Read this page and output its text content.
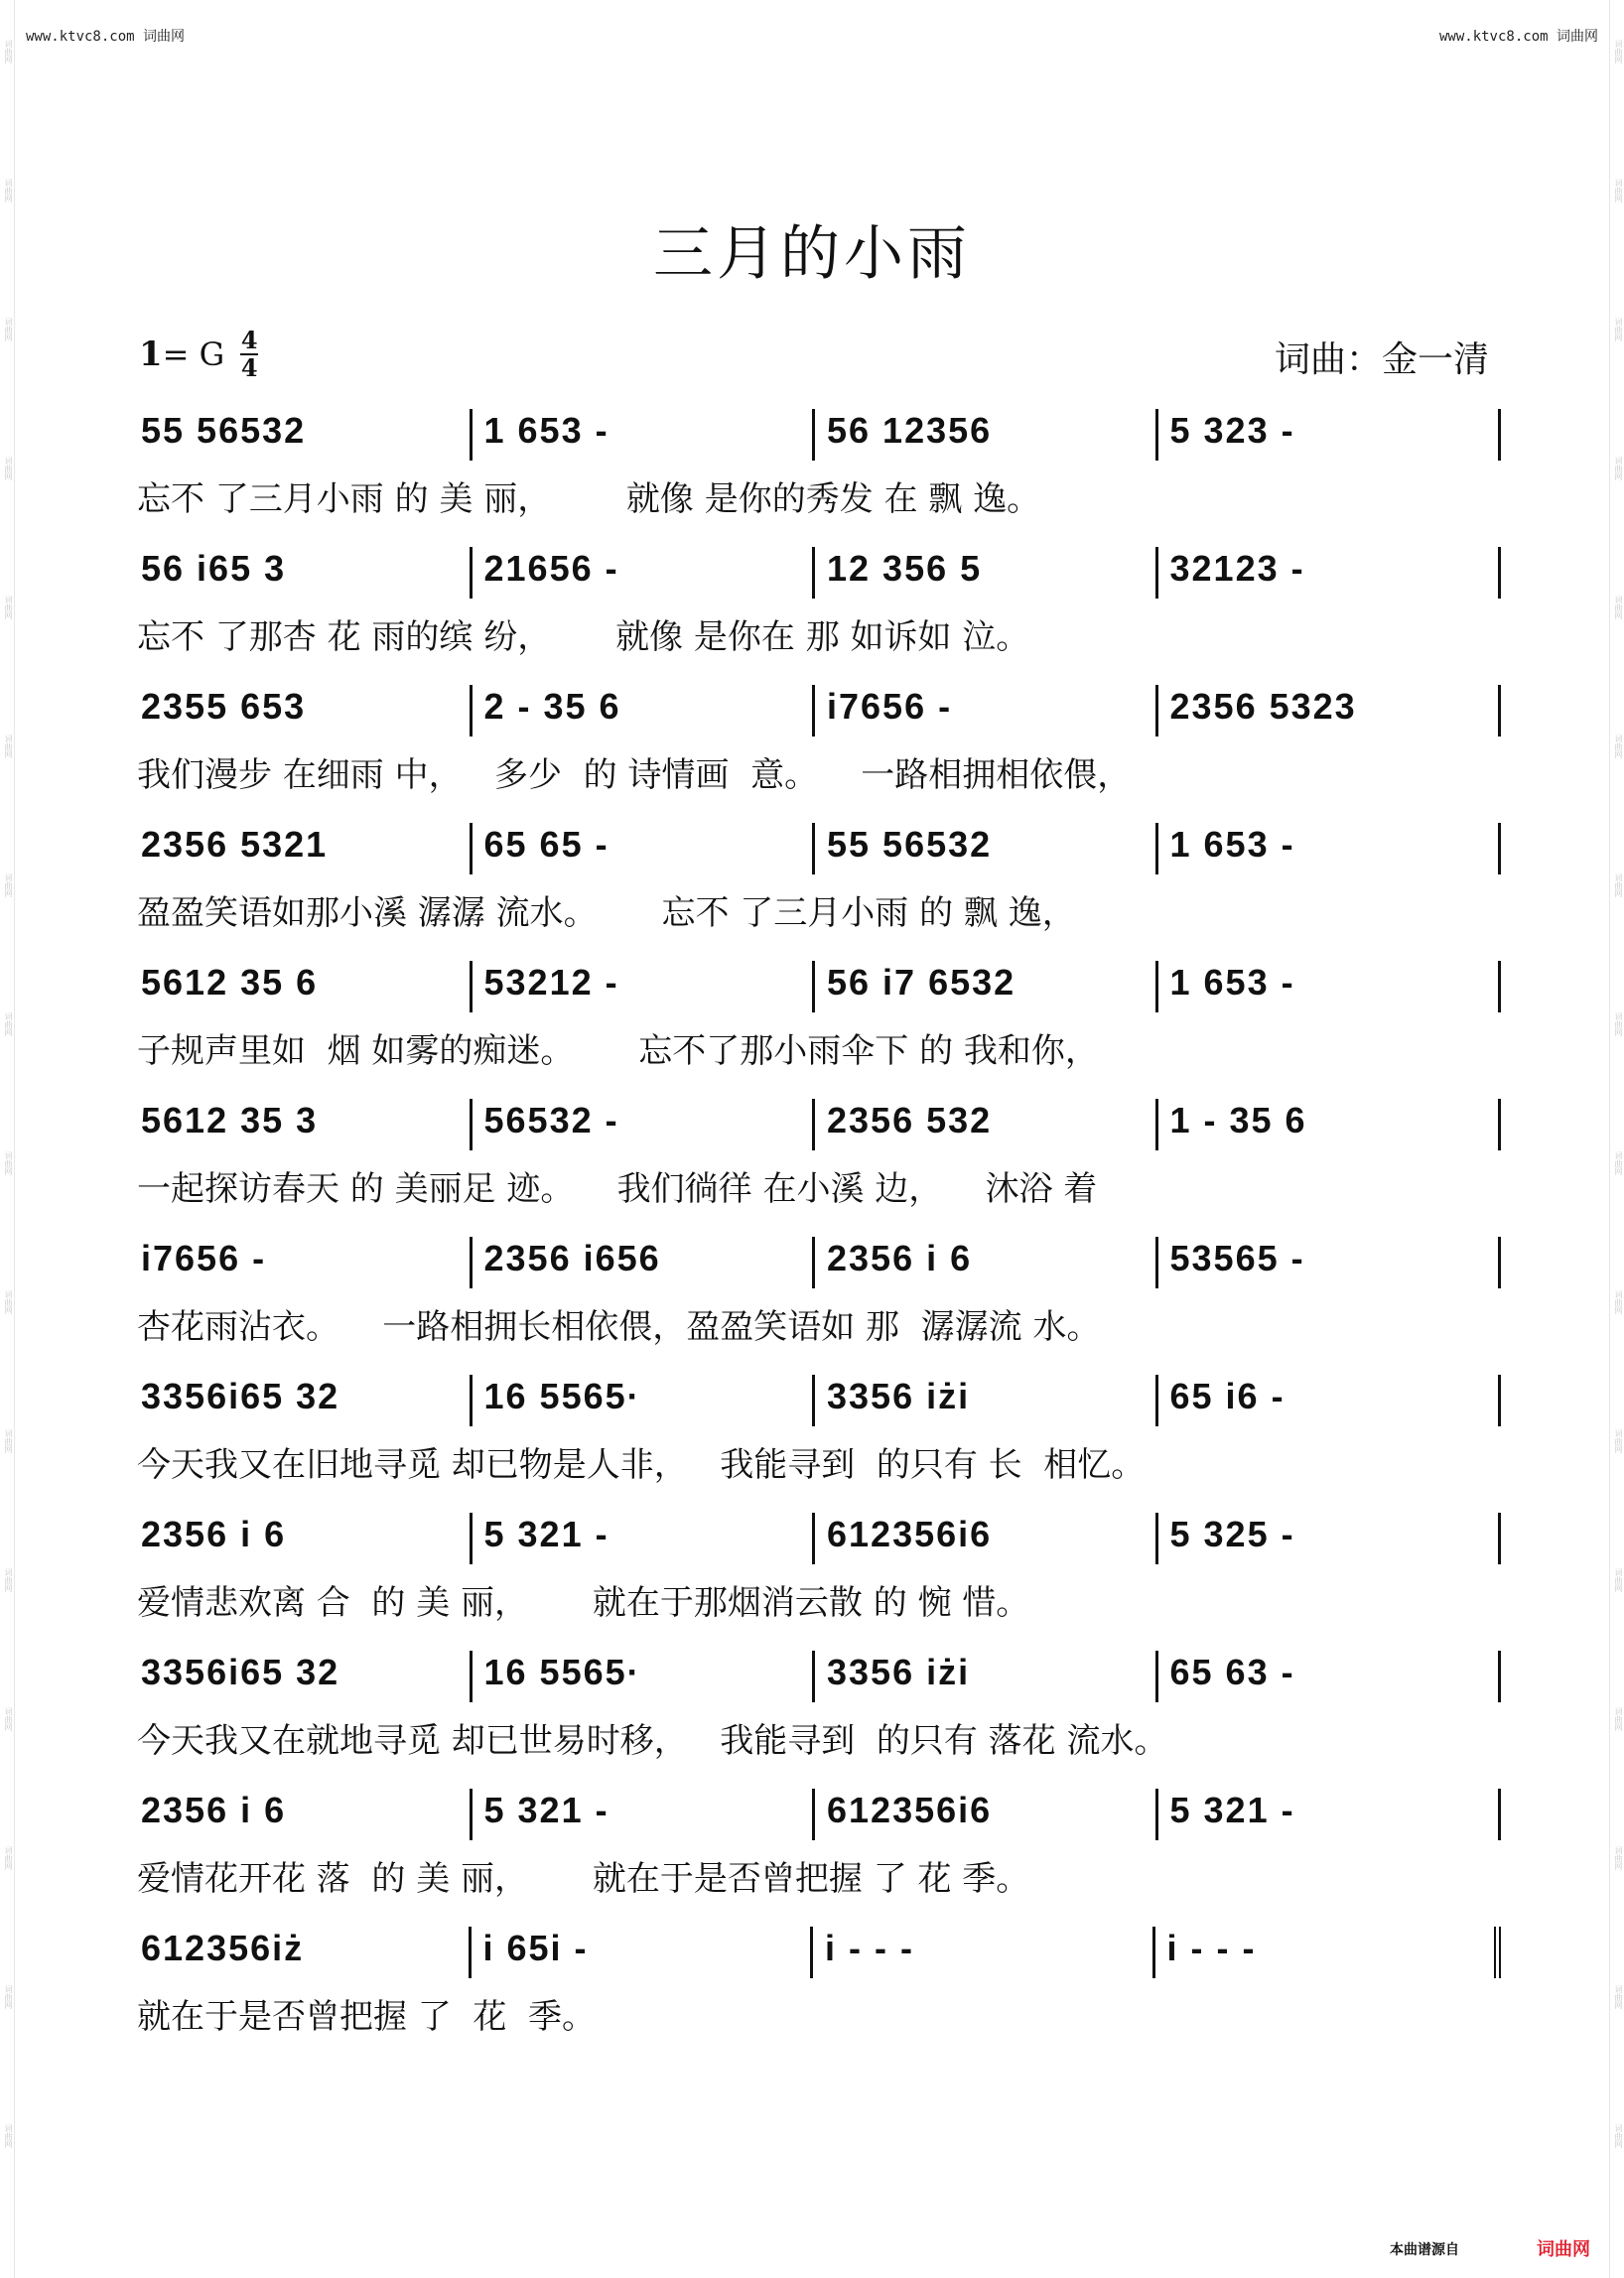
词曲网
词曲网
词曲网
词曲网
词曲网
词曲网
词曲网
词曲网
词曲网
词曲网
词曲网
词曲网
词曲网
词曲网
词曲网
词曲网
词曲网
词曲网
词曲网
词曲网
词曲网
词曲网
词曲网
词曲网
词曲网
词曲网
词曲网
词曲网
词曲网
词曲网
词曲网
词曲网
www.ktvc8.com 词曲网	www.ktvc8.com 词曲网
三月的小雨
1 = G 4
4	词曲：金一清
55 56532	1 653 -	56 12356	5 323 -
忘不 了三月小雨 的 美 丽，       就像 是你的秀发 在 飘 逸。
56 i65 3	21656 -	12 356 5	32123 -
忘不 了那杏 花 雨的缤 纷，      就像 是你在 那 如诉如 泣。
2355 653	2 - 35 6	i7656 -	2356 5323
我们漫步 在细雨 中，   多少  的 诗情画  意。    一路相拥相依偎，
2356 5321	65 65 -	55 56532	1 653 -
盈盈笑语如那小溪 潺潺 流水。      忘不 了三月小雨 的 飘 逸，
5612 35 6	53212 -	56 i7 6532	1 653 -
子规声里如  烟 如雾的痴迷。      忘不了那小雨伞下 的 我和你，
5612 35 3	56532 -	2356 532	1 - 35 6
一起探访春天 的 美丽足 迹。    我们徜徉 在小溪 边，    沐浴 着
i7656 -	2356 i656	2356 i 6	53565 -
杏花雨沾衣。    一路相拥长相依偎，盈盈笑语如 那  潺潺流 水。
3356i65 32	16 5565·	3356 iżi	65 i6 -
今天我又在旧地寻觅 却已物是人非，   我能寻到  的只有 长  相忆。
2356 i 6	5 321 -	612356i6	5 325 -
爱情悲欢离 合  的 美 丽，      就在于那烟消云散 的 惋 惜。
3356i65 32	16 5565·	3356 iżi	65 63 -
今天我又在就地寻觅 却已世易时移，   我能寻到  的只有 落花 流水。
2356 i 6	5 321 -	612356i6	5 321 -
爱情花开花 落  的 美 丽，      就在于是否曾把握 了 花 季。
612356iż	i 65i -	i - - -	i - - -
就在于是否曾把握 了  花  季。
本曲谱源自	词曲网
